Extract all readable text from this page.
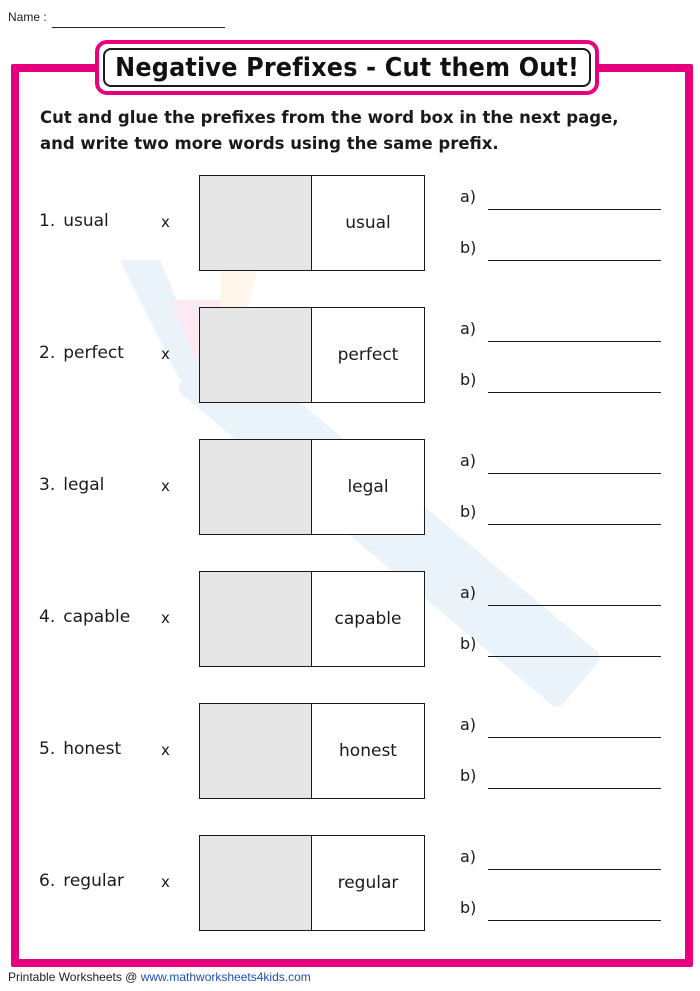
Name :
Negative Prefixes - Cut them Out!
Cut and glue the prefixes from the word box in the next page,
and write two more words using the same prefix.
1. usual	x	usual
a)
b)
2. perfect x	perfect
a)
b)
3. legal	x	legal
a)
b)
4. capable x	capable
a)
b)
5. honest	x	honest
a)
b)
6. regular x	regular
a)
b)
Printable Worksheets @ www.mathworksheets4kids.com
